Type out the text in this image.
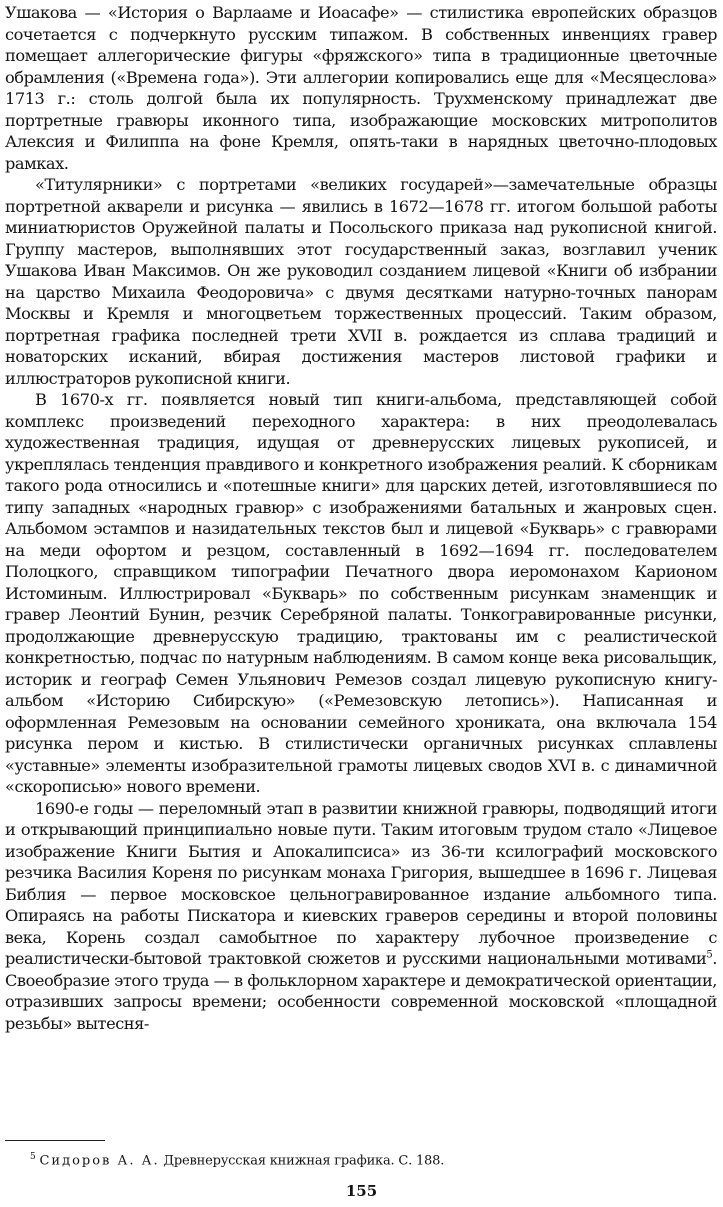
Ушакова — «История о Варлааме и Иоасафе» — стилистика европейских образцов сочетается с подчеркнуто русским типажом. В собственных инвенциях гравер помещает аллегорические фигуры «фряжского» типа в традиционные цветочные обрамления («Времена года»). Эти аллегории копировались еще для «Месяцеслова» 1713 г.: столь долгой была их популярность. Трухменскому принадлежат две портретные гравюры иконного типа, изображающие московских митрополитов Алексия и Филиппа на фоне Кремля, опять-таки в нарядных цветочно-плодовых рамках.

«Титулярники» с портретами «великих государей»—замечательные образцы портретной акварели и рисунка — явились в 1672—1678 гг. итогом большой работы миниатюристов Оружейной палаты и Посольского приказа над рукописной книгой. Группу мастеров, выполнявших этот государственный заказ, возглавил ученик Ушакова Иван Максимов. Он же руководил созданием лицевой «Книги об избрании на царство Михаила Феодоровича» с двумя десятками натурно-точных панорам Москвы и Кремля и многоцветьем торжественных процессий. Таким образом, портретная графика последней трети XVII в. рождается из сплава традиций и новаторских исканий, вбирая достижения мастеров листовой графики и иллюстраторов рукописной книги.

В 1670-х гг. появляется новый тип книги-альбома, представляющей собой комплекс произведений переходного характера: в них преодолевалась художественная традиция, идущая от древнерусских лицевых рукописей, и укреплялась тенденция правдивого и конкретного изображения реалий. К сборникам такого рода относились и «потешные книги» для царских детей, изготовлявшиеся по типу западных «народных гравюр» с изображениями батальных и жанровых сцен. Альбомом эстампов и назидательных текстов был и лицевой «Букварь» с гравюрами на меди офортом и резцом, составленный в 1692—1694 гг. последователем Полоцкого, справщиком типографии Печатного двора иеромонахом Карионом Истоминым. Иллюстрировал «Букварь» по собственным рисункам знаменщик и гравер Леонтий Бунин, резчик Серебряной палаты. Тонкогравированные рисунки, продолжающие древнерусскую традицию, трактованы им с реалистической конкретностью, подчас по натурным наблюдениям. В самом конце века рисовальщик, историк и географ Семен Ульянович Ремезов создал лицевую рукописную книгу-альбом «Историю Сибирскую» («Ремезовскую летопись»). Написанная и оформленная Ремезовым на основании семейного хрониката, она включала 154 рисунка пером и кистью. В стилистически органичных рисунках сплавлены «уставные» элементы изобразительной грамоты лицевых сводов XVI в. с динамичной «скорописью» нового времени.

1690-е годы — переломный этап в развитии книжной гравюры, подводящий итоги и открывающий принципиально новые пути. Таким итоговым трудом стало «Лицевое изображение Книги Бытия и Апокалипсиса» из 36-ти ксилографий московского резчика Василия Кореня по рисункам монаха Григория, вышедшее в 1696 г. Лицевая Библия — первое московское цельногравированное издание альбомного типа. Опираясь на работы Пискатора и киевских граверов середины и второй половины века, Корень создал самобытное по характеру лубочное произведение с реалистически-бытовой трактовкой сюжетов и русскими национальными мотивами$^5$. Своеобразие этого труда — в фольклорном характере и демократической ориентации, отразивших запросы времени; особенности современной московской «площадной резьбы» вытесня-

$^5$ Сидоров А. А. Древнерусская книжная графика. С. 188.
155
